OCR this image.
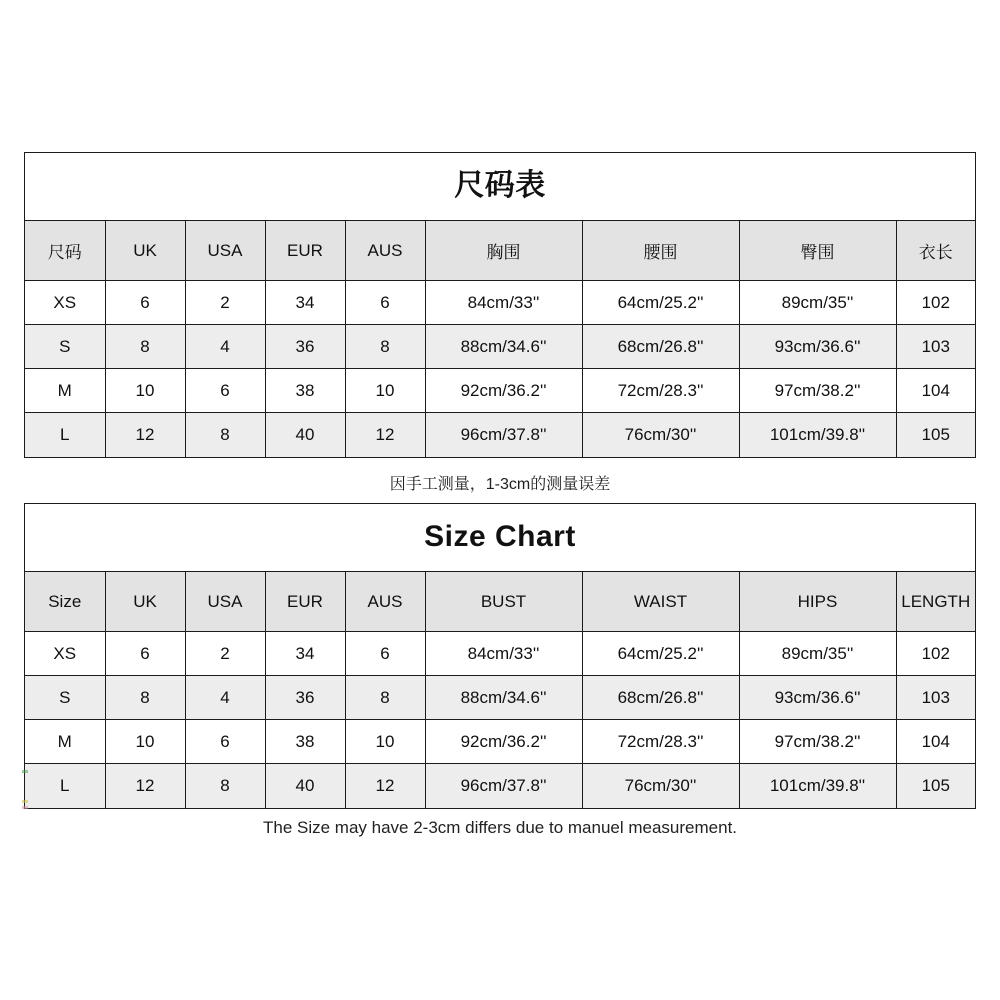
尺码表
尺码	UK	USA	EUR	AUS	胸围	腰围	臀围	衣长
XS	6	2	34	6	84cm/33''	64cm/25.2''	89cm/35''	102
S	8	4	36	8	88cm/34.6''	68cm/26.8''	93cm/36.6''	103
M	10	6	38	10	92cm/36.2''	72cm/28.3''	97cm/38.2''	104
L	12	8	40	12	96cm/37.8''	76cm/30''	101cm/39.8''	105
因手工测量，1-3cm的测量误差
Size Chart
Size	UK	USA	EUR	AUS	BUST	WAIST	HIPS	LENGTH
XS	6	2	34	6	84cm/33''	64cm/25.2''	89cm/35''	102
S	8	4	36	8	88cm/34.6''	68cm/26.8''	93cm/36.6''	103
M	10	6	38	10	92cm/36.2''	72cm/28.3''	97cm/38.2''	104
L	12	8	40	12	96cm/37.8''	76cm/30''	101cm/39.8''	105
The Size may have 2-3cm differs due to manuel measurement.
